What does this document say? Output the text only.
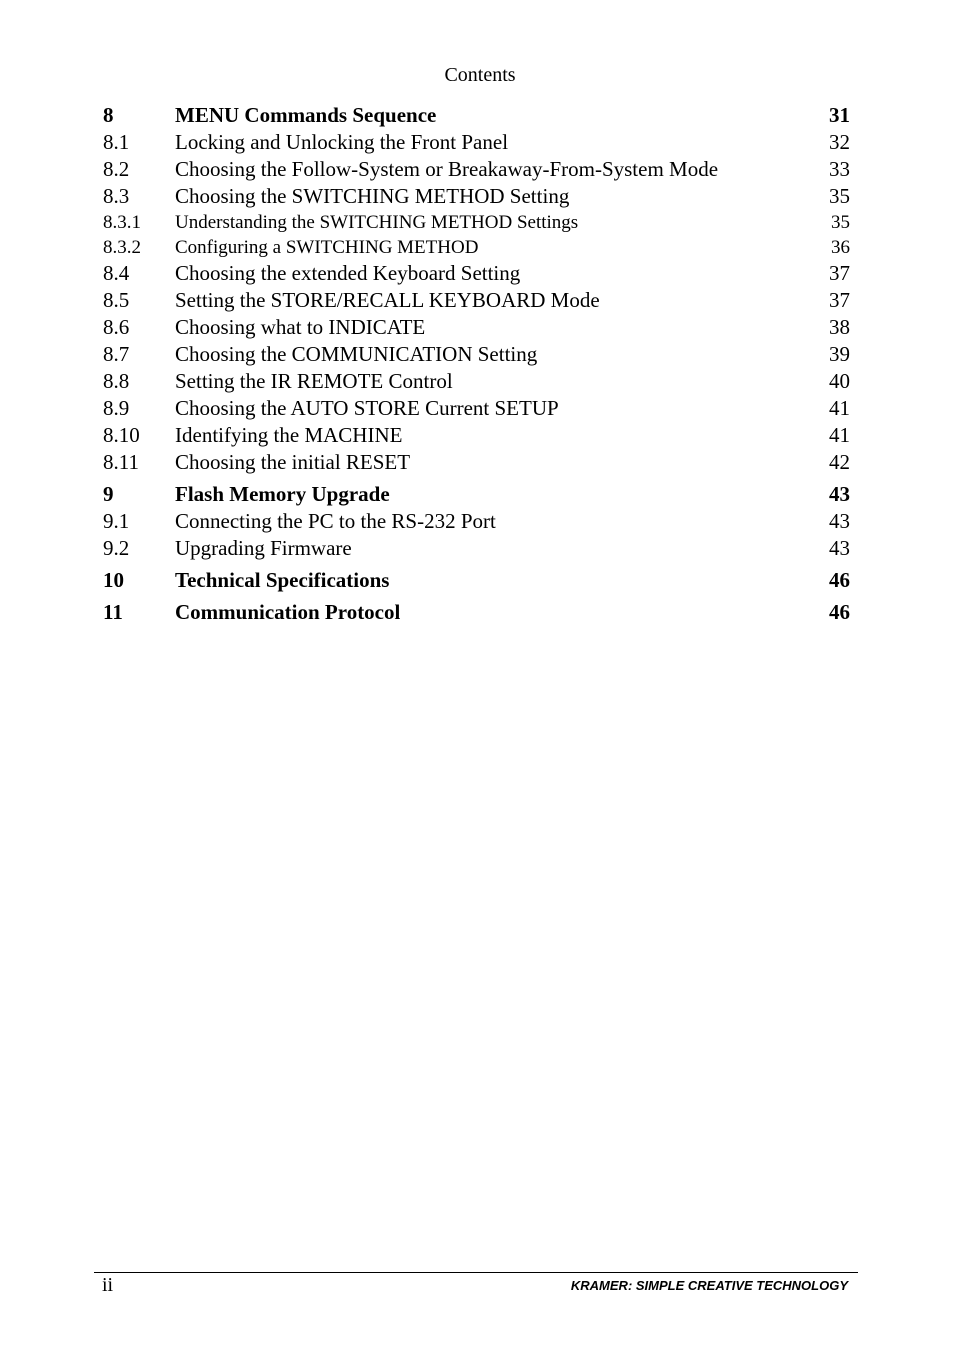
Contents
8	MENU Commands Sequence	31
8.1 Locking and Unlocking the Front Panel	32
8.2 Choosing the Follow-System or Breakaway-From-System Mode	33
8.3 Choosing the SWITCHING METHOD Setting	35
8.3.1 Understanding the SWITCHING METHOD Settings	35
8.3.2 Configuring a SWITCHING METHOD	36
8.4 Choosing the extended Keyboard Setting	37
8.5 Setting the STORE/RECALL KEYBOARD Mode	37
8.6 Choosing what to INDICATE	38
8.7 Choosing the COMMUNICATION Setting	39
8.8 Setting the IR REMOTE Control	40
8.9 Choosing the AUTO STORE Current SETUP	41
8.10 Identifying the MACHINE	41
8.11 Choosing the initial RESET	42
9	Flash Memory Upgrade	43
9.1 Connecting the PC to the RS-232 Port	43
9.2 Upgrading Firmware	43
10 Technical Specifications	46
11 Communication Protocol	46
ii	KRAMER: SIMPLE CREATIVE TECHNOLOGY
